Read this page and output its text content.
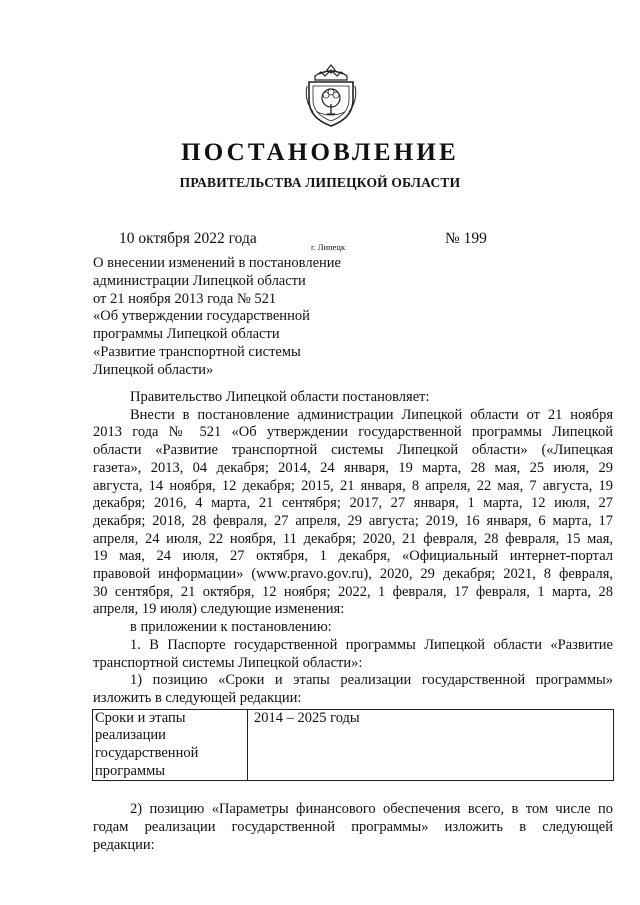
ПОСТАНОВЛЕНИЕ
ПРАВИТЕЛЬСТВА ЛИПЕЦКОЙ ОБЛАСТИ
10 октября 2022 года	г. Липецк	№ 199
О внесении изменений в постановление
администрации Липецкой области
от 21 ноября 2013 года № 521
«Об утверждении государственной
программы Липецкой области
«Развитие транспортной системы
Липецкой области»
Правительство Липецкой области постановляет:
Внести в постановление администрации Липецкой области от 21 ноября
2013 года № 521 «Об утверждении государственной программы Липецкой
области «Развитие транспортной системы Липецкой области» («Липецкая
газета», 2013, 04 декабря; 2014, 24 января, 19 марта, 28 мая, 25 июля, 29
августа, 14 ноября, 12 декабря; 2015, 21 января, 8 апреля, 22 мая, 7 августа, 19
декабря; 2016, 4 марта, 21 сентября; 2017, 27 января, 1 марта, 12 июля, 27
декабря; 2018, 28 февраля, 27 апреля, 29 августа; 2019, 16 января, 6 марта, 17
апреля, 24 июля, 22 ноября, 11 декабря; 2020, 21 февраля, 28 февраля, 15 мая,
19 мая, 24 июля, 27 октября, 1 декабря, «Официальный интернет-портал
правовой информации» (www.pravo.gov.ru), 2020, 29 декабря; 2021, 8 февраля,
30 сентября, 21 октября, 12 ноября; 2022, 1 февраля, 17 февраля, 1 марта, 28
апреля, 19 июля) следующие изменения:
в приложении к постановлению:
1. В Паспорте государственной программы Липецкой области «Развитие
транспортной системы Липецкой области»:
1) позицию «Сроки и этапы реализации государственной программы»
изложить в следующей редакции:
Сроки и этапы
реализации
государственной
программы
	2014 – 2025 годы
2) позицию «Параметры финансового обеспечения всего, в том числе по
годам реализации государственной программы» изложить в следующей
редакции:
